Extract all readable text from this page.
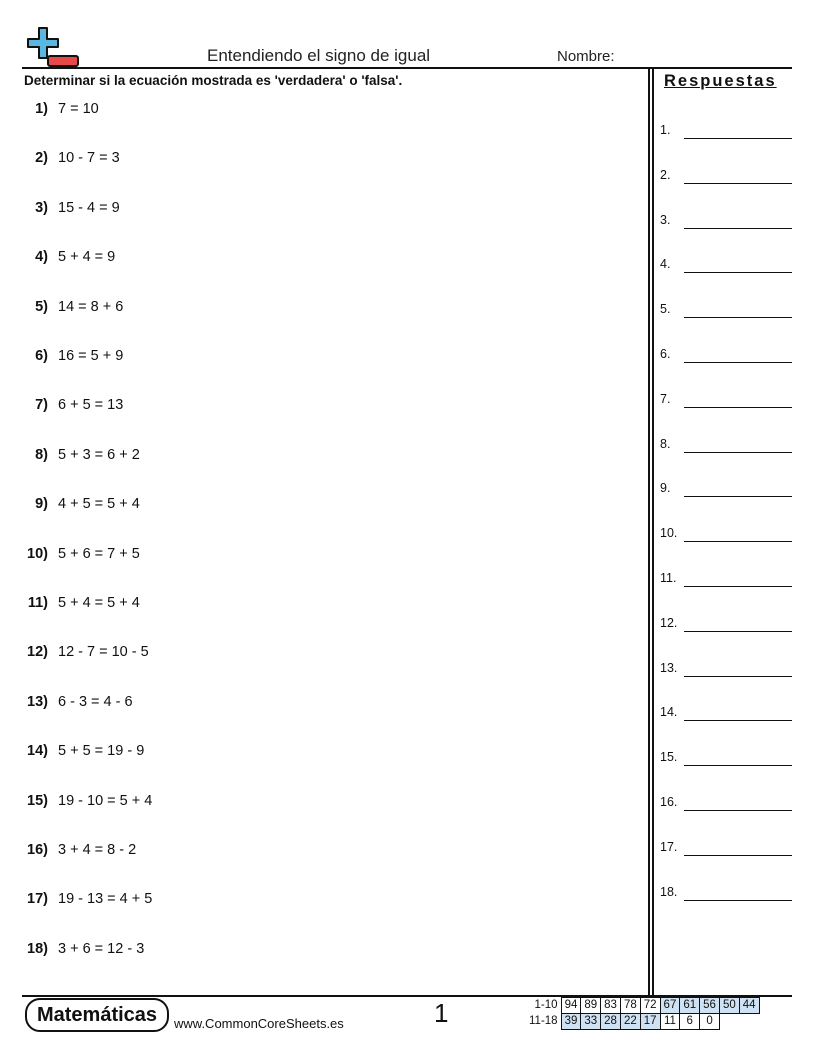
Entendiendo el signo de igual	Nombre:
Determinar si la ecuación mostrada es 'verdadera' o 'falsa'.	Respuestas
1) 7 = 10
2) 10 - 7 = 3
3) 15 - 4 = 9
4) 5 + 4 = 9
5) 14 = 8 + 6
6) 16 = 5 + 9
7) 6 + 5 = 13
8) 5 + 3 = 6 + 2
9) 4 + 5 = 5 + 4
10) 5 + 6 = 7 + 5
11) 5 + 4 = 5 + 4
12) 12 - 7 = 10 - 5
13) 6 - 3 = 4 - 6
14) 5 + 5 = 19 - 9
15) 19 - 10 = 5 + 4
16) 3 + 4 = 8 - 2
17) 19 - 13 = 4 + 5
18) 3 + 6 = 12 - 3
1.
2.
3.
4.
5.
6.
7.
8.
9.
10.
11.
12.
13.
14.
15.
16.
17.
18.
Matemáticas	www.CommonCoreSheets.es	1	1-10	94	89	83	78	72	67	61	56	50	44
11-18	39	33	28	22	17	11	6	0		
